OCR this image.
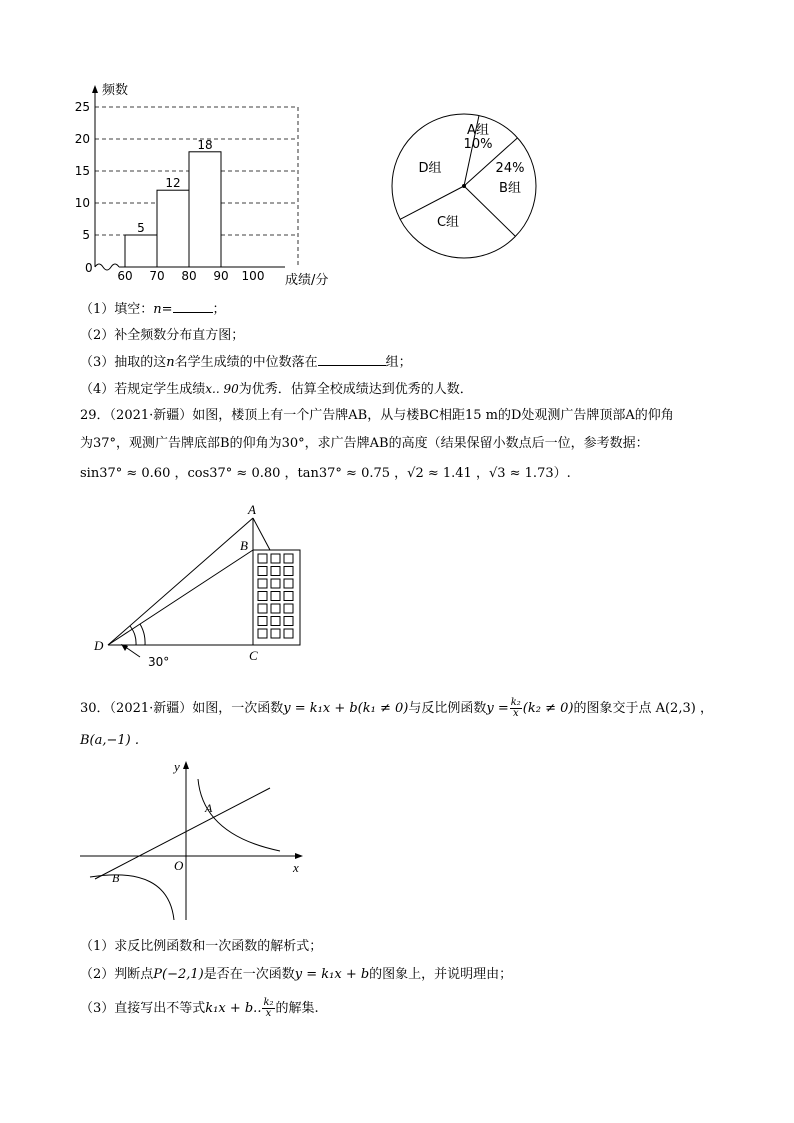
频数
成绩/分
0
5
10
15
20
25
60 70 80 90 100
5
12
18
A组
10%
B组
24%
C组
D组
（1）填空：n=	；
（2）补全频数分布直方图；
（3）抽取的这n名学生成绩的中位数落在	组；
（4）若规定学生成绩x.. 90为优秀．估算全校成绩达到优秀的人数．
29．（2021·新疆）如图，楼顶上有一个广告牌AB，从与楼BC相距15 m的D处观测广告牌顶部A的仰角
为37°，观测广告牌底部B的仰角为30°，求广告牌AB的高度（结果保留小数点后一位，参考数据：
sin37° ≈ 0.60 ，cos37° ≈ 0.80 ，tan37° ≈ 0.75 ，√2 ≈ 1.41 ，√3 ≈ 1.73）.
A
B
C
D
30°
30．（2021·新疆）如图，一次函数y = k₁x + b(k₁ ≠ 0)与反比例函数$y = \frac{\text{k₂}}{x} (k_2 \ne 0)$的图象交于点 A(2,3) ，
B(a,−1) .
x
y
O
A
B
（1）求反比例函数和一次函数的解析式；
（2）判断点P(−2,1)是否在一次函数y = k₁x + b的图象上，并说明理由；
（3）直接写出不等式k₁x + b.. $\frac{\text{k₂}}{x}$ 的解集.
